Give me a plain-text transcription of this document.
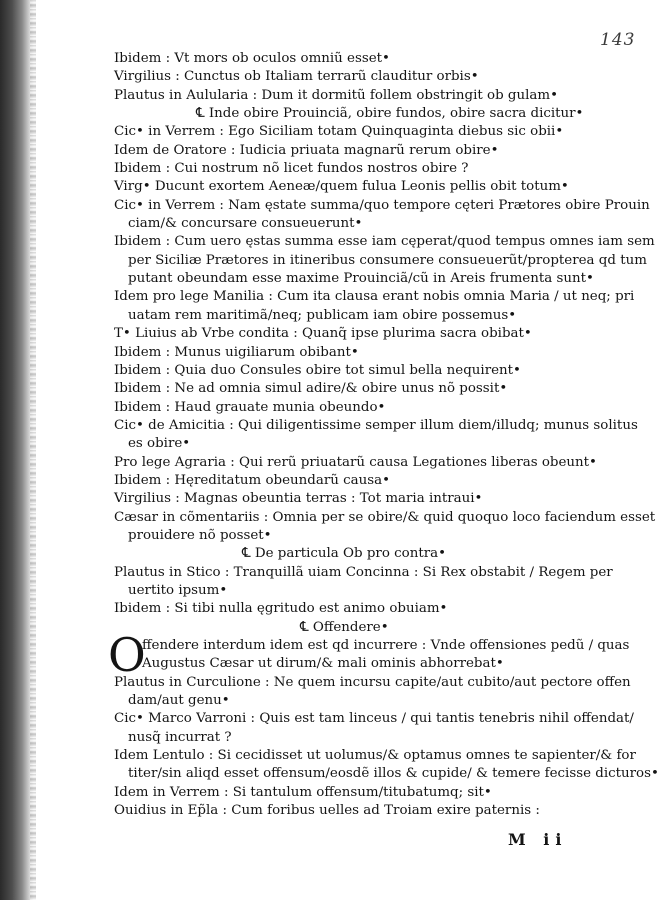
143
Ibidem : Vt mors ob oculos omniũ esset•
Virgilius : Cunctus ob Italiam terrarũ clauditur orbis•
Plautus in Aulularia : Dum it dormitũ follem obstringit ob gulam•
℄ Inde obire Prouinciã, obire fundos, obire sacra dicitur•
Cic• in Verrem : Ego Siciliam totam Quinquaginta diebus sic obii•
Idem de Oratore : Iudicia priuata magnarũ rerum obire•
Ibidem : Cui nostrum nõ licet fundos nostros obire ?
Virg• Ducunt exortem Aeneæ/quem fulua Leonis pellis obit totum•
Cic• in Verrem : Nam ęstate summa/quo tempore cęteri Prætores obire Prouin
ciam/& concursare consueuerunt•
Ibidem : Cum uero ęstas summa esse iam cęperat/quod tempus omnes iam sem
per Siciliæ Prætores in itineribus consumere consueuerũt/propterea qd tum
putant obeundam esse maxime Prouinciã/cũ in Areis frumenta sunt•
Idem pro lege Manilia : Cum ita clausa erant nobis omnia Maria / ut neq; pri
uatam rem maritimã/neq; publicam iam obire possemus•
T• Liuius ab Vrbe condita : Quanq̃ ipse plurima sacra obibat•
Ibidem : Munus uigiliarum obibant•
Ibidem : Quia duo Consules obire tot simul bella nequirent•
Ibidem : Ne ad omnia simul adire/& obire unus nõ possit•
Ibidem : Haud grauate munia obeundo•
Cic• de Amicitia : Qui diligentissime semper illum diem/illudq; munus solitus
es obire•
Pro lege Agraria : Qui rerũ priuatarũ causa Legationes liberas obeunt•
Ibidem : Hęreditatum obeundarũ causa•
Virgilius : Magnas obeuntia terras : Tot maria intraui•
Cæsar in cõmentariis : Omnia per se obire/& quid quoquo loco faciendum esset
prouidere nõ posset•
℄ De particula Ob pro contra•
Plautus in Stico : Tranquillã uiam Concinna : Si Rex obstabit / Regem per
uertito ipsum•
Ibidem : Si tibi nulla ęgritudo est animo obuiam•
℄ Offendere•
O
ffendere interdum idem est qd incurrere : Vnde offensiones pedũ / quas
Augustus Cæsar ut dirum/& mali ominis abhorrebat•
Plautus in Curculione : Ne quem incursu capite/aut cubito/aut pectore offen
dam/aut genu•
Cic• Marco Varroni : Quis est tam linceus / qui tantis tenebris nihil offendat/
nusq̃ incurrat ?
Idem Lentulo : Si cecidisset ut uolumus/& optamus omnes te sapienter/& for
titer/sin aliqd esset offensum/eosdẽ illos & cupide/ & temere fecisse dicturos•
Idem in Verrem : Si tantulum offensum/titubatumq; sit•
Ouidius in Ep̃la : Cum foribus uelles ad Troiam exire paternis :
M ii
